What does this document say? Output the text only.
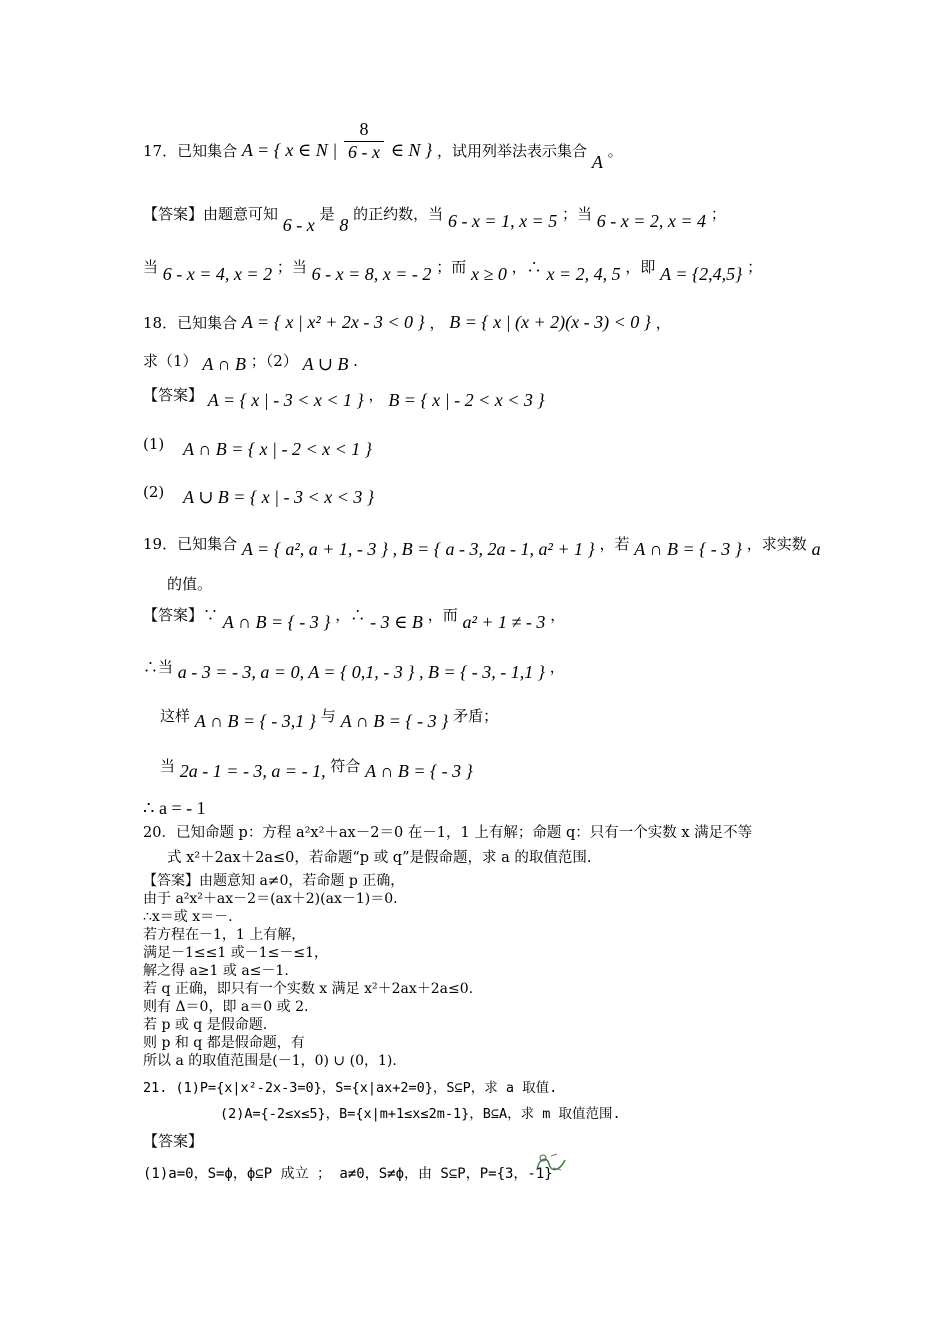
17．已知集合 A = { x ∈ N | $\frac{8}{6 - x}$ ∈ N } ，试用列举法表示集合 A 。
【答案】由题意可知 6 - x 是 8 的正约数，当 6 - x = 1, x = 5 ；当 6 - x = 2, x = 4 ；
当 6 - x = 4, x = 2 ；当 6 - x = 8, x = - 2 ；而 x ≥ 0 ，∴ x = 2, 4, 5 ，即 A = {2,4,5} ；
18．已知集合 A = { x | x² + 2x - 3 < 0 } ， B = { x | (x + 2)(x - 3) < 0 } ，
求（1） A ∩ B ；（2） A ∪ B .
【答案】 A = { x | - 3 < x < 1 } ， B = { x | - 2 < x < 3 }
(1) A ∩ B = { x | - 2 < x < 1 }
(2) A ∪ B = { x | - 3 < x < 3 }
19．已知集合 A = { a², a + 1, - 3 } , B = { a - 3, 2a - 1, a² + 1 } ，若 A ∩ B = { - 3 } ，求实数 a
的值。
【答案】∵ A ∩ B = { - 3 } ，∴ - 3 ∈ B ，而 a² + 1 ≠ - 3 ，
∴当 a - 3 = - 3, a = 0, A = { 0,1, - 3 } , B = { - 3, - 1,1 } ，
这样 A ∩ B = { - 3,1 } 与 A ∩ B = { - 3 } 矛盾；
当 2a - 1 = - 3, a = - 1, 符合 A ∩ B = { - 3 }
∴ a = - 1
20．已知命题 p：方程 a²x²＋ax－2＝0 在－1，1 上有解；命题 q：只有一个实数 x 满足不等
式 x²＋2ax＋2a≤0，若命题“p 或 q”是假命题，求 a 的取值范围.
【答案】由题意知 a≠0，若命题 p 正确，
由于 a²x²＋ax－2＝(ax＋2)(ax－1)＝0.
∴x＝或 x＝－.
若方程在－1，1 上有解，
满足－1≤≤1 或－1≤－≤1，
解之得 a≥1 或 a≤－1.
若 q 正确，即只有一个实数 x 满足 x²＋2ax＋2a≤0.
则有 Δ＝0，即 a＝0 或 2.
若 p 或 q 是假命题.
则 p 和 q 都是假命题，有
所以 a 的取值范围是(－1，0) ∪ (0，1).
21. (1)P={x|x²-2x-3=0}，S={x|ax+2=0}，S⊆P，求 a 取值.
(2)A={-2≤x≤5}，B={x|m+1≤x≤2m-1}，B⊆A，求 m 取值范围.
【答案】
(1)a=0，S=ϕ，ϕ⊆P 成立 ； a≠0，S≠ϕ，由 S⊆P，P={3，-1}
